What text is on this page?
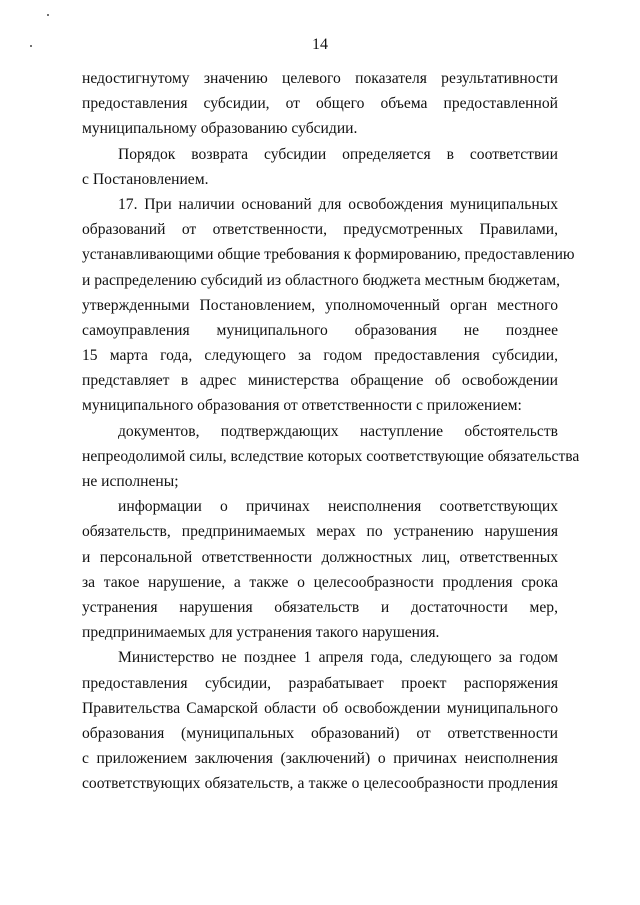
14
недостигнутому значению целевого показателя результативности
предоставления субсидии, от общего объема предоставленной
муниципальному образованию субсидии.
Порядок возврата субсидии определяется в соответствии
с Постановлением.
17. При наличии оснований для освобождения муниципальных
образований от ответственности, предусмотренных Правилами,
устанавливающими общие требования к формированию, предоставлению
и распределению субсидий из областного бюджета местным бюджетам,
утвержденными Постановлением, уполномоченный орган местного
самоуправления муниципального образования не позднее
15 марта года, следующего за годом предоставления субсидии,
представляет в адрес министерства обращение об освобождении
муниципального образования от ответственности с приложением:
документов, подтверждающих наступление обстоятельств
непреодолимой силы, вследствие которых соответствующие обязательства
не исполнены;
информации о причинах неисполнения соответствующих
обязательств, предпринимаемых мерах по устранению нарушения
и персональной ответственности должностных лиц, ответственных
за такое нарушение, а также о целесообразности продления срока
устранения нарушения обязательств и достаточности мер,
предпринимаемых для устранения такого нарушения.
Министерство не позднее 1 апреля года, следующего за годом
предоставления субсидии, разрабатывает проект распоряжения
Правительства Самарской области об освобождении муниципального
образования (муниципальных образований) от ответственности
с приложением заключения (заключений) о причинах неисполнения
соответствующих обязательств, а также о целесообразности продления
